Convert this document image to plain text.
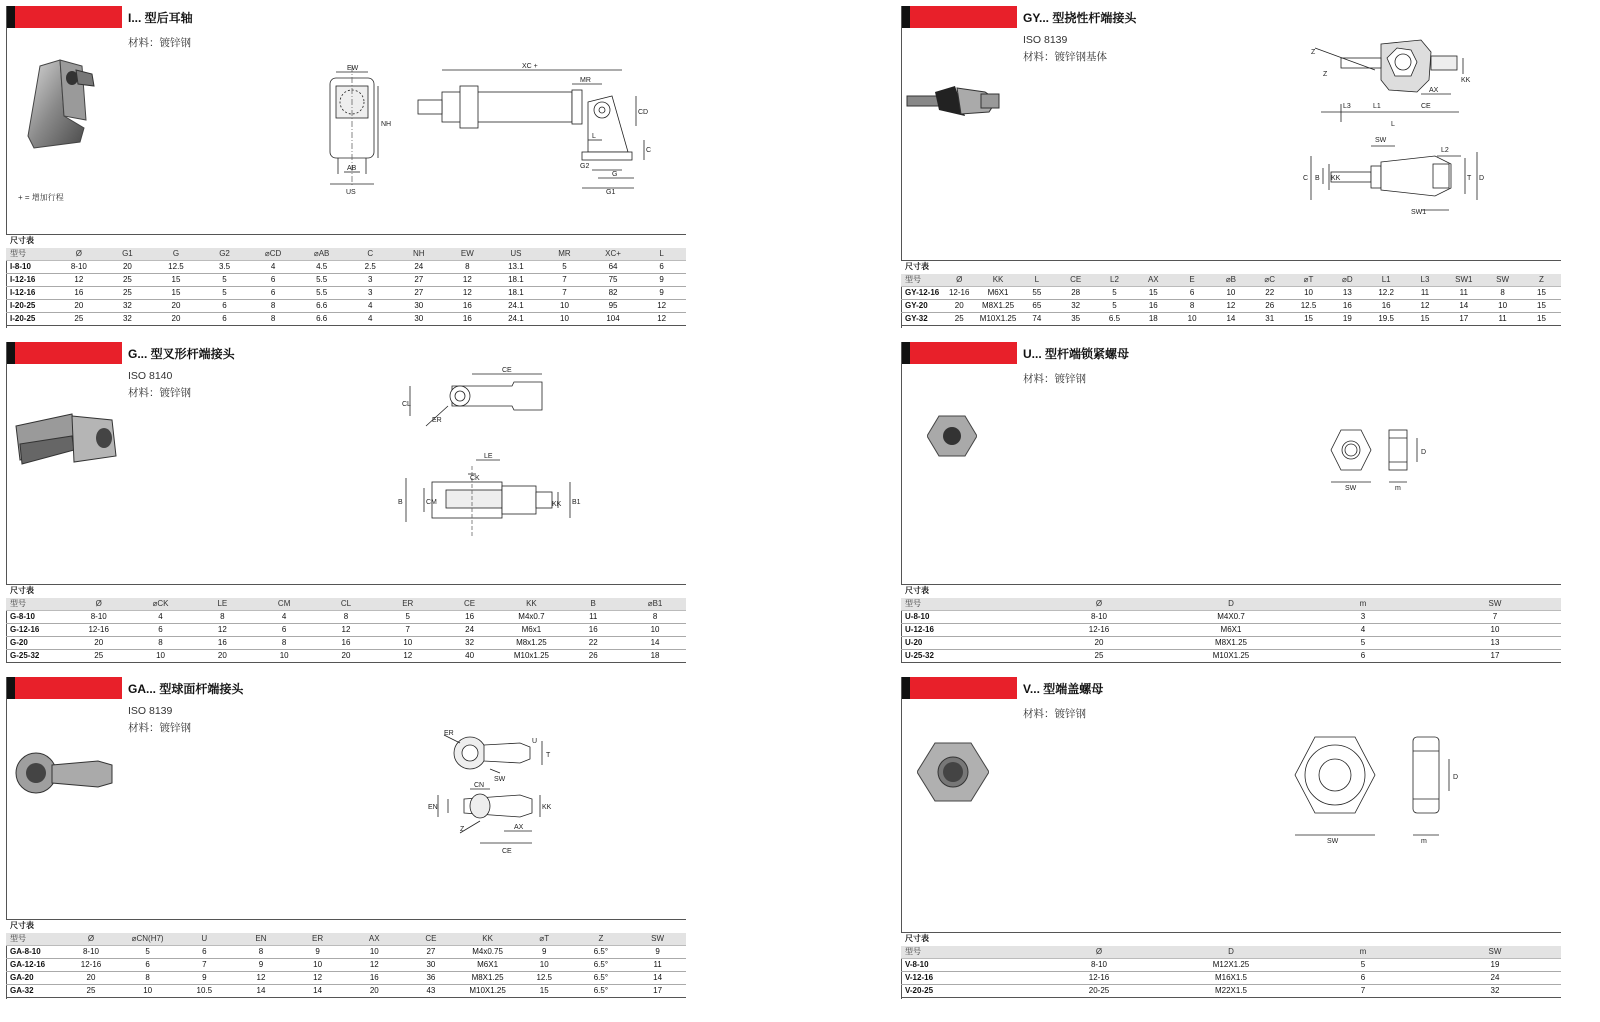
I... 型后耳轴
材料：镀锌钢
+ = 增加行程
EW
NH
AB
US
XC +
MR
CD
L
C
G2
G
G1
尺寸表													
型号	Ø	G1	G	G2	⌀CD	⌀AB	C	NH	EW	US	MR	XC+	L
I-8-10	8-10	20	12.5	3.5	4	4.5	2.5	24	8	13.1	5	64	6
I-12-16	12	25	15	5	6	5.5	3	27	12	18.1	7	75	9
I-12-16	16	25	15	5	6	5.5	3	27	12	18.1	7	82	9
I-20-25	20	32	20	6	8	6.6	4	30	16	24.1	10	95	12
I-20-25	25	32	20	6	8	6.6	4	30	16	24.1	10	104	12
GY... 型挠性杆端接头
ISO 8139
材料：镀锌钢基体	Z
Z
L3	L1	CE
AX
KK
L
SW
L2
C B KK	T D
SW1
尺寸表																
型号	Ø	KK	L	CE	L2	AX	E	⌀B	⌀C	⌀T	⌀D	L1	L3	SW1	SW	Z
GY-12-16	12-16	M6X1	55	28	5	15	6	10	22	10	13	12.2	11	11	8	15
GY-20	20	M8X1.25	65	32	5	16	8	12	26	12.5	16	16	12	14	10	15
GY-32	25	M10X1.25	74	35	6.5	18	10	14	31	15	19	19.5	15	17	11	15
G... 型叉形杆端接头
ISO 8140
材料：镀锌钢
CE
CL
ER
LE
CK
B	CM	KK B1
尺寸表										
型号	Ø	⌀CK	LE	CM	CL	ER	CE	KK	B	⌀B1
G-8-10	8-10	4	8	4	8	5	16	M4x0.7	11	8
G-12-16	12-16	6	12	6	12	7	24	M6x1	16	10
G-20	20	8	16	8	16	10	32	M8x1.25	22	14
G-25-32	25	10	20	10	20	12	40	M10x1.25	26	18
U... 型杆端锁紧螺母
材料：镀锌钢
D
SW	m
尺寸表				
型号	Ø	D	m	SW
U-8-10	8-10	M4X0.7	3	7
U-12-16	12-16	M6X1	4	10
U-20	20	M8X1.25	5	13
U-25-32	25	M10X1.25	6	17
GA... 型球面杆端接头
ISO 8139
材料：镀锌钢	ER
U
SW
T
CN
EN	KK
Z	AX
CE
尺寸表											
型号	Ø	⌀CN(H7)	U	EN	ER	AX	CE	KK	⌀T	Z	SW
GA-8-10	8-10	5	6	8	9	10	27	M4x0.75	9	6.5°	9
GA-12-16	12-16	6	7	9	10	12	30	M6X1	10	6.5°	11
GA-20	20	8	9	12	12	16	36	M8X1.25	12.5	6.5°	14
GA-32	25	10	10.5	14	14	20	43	M10X1.25	15	6.5°	17
V... 型端盖螺母
材料：镀锌钢
D
SW	m
尺寸表				
型号	Ø	D	m	SW
V-8-10	8-10	M12X1.25	5	19
V-12-16	12-16	M16X1.5	6	24
V-20-25	20-25	M22X1.5	7	32
